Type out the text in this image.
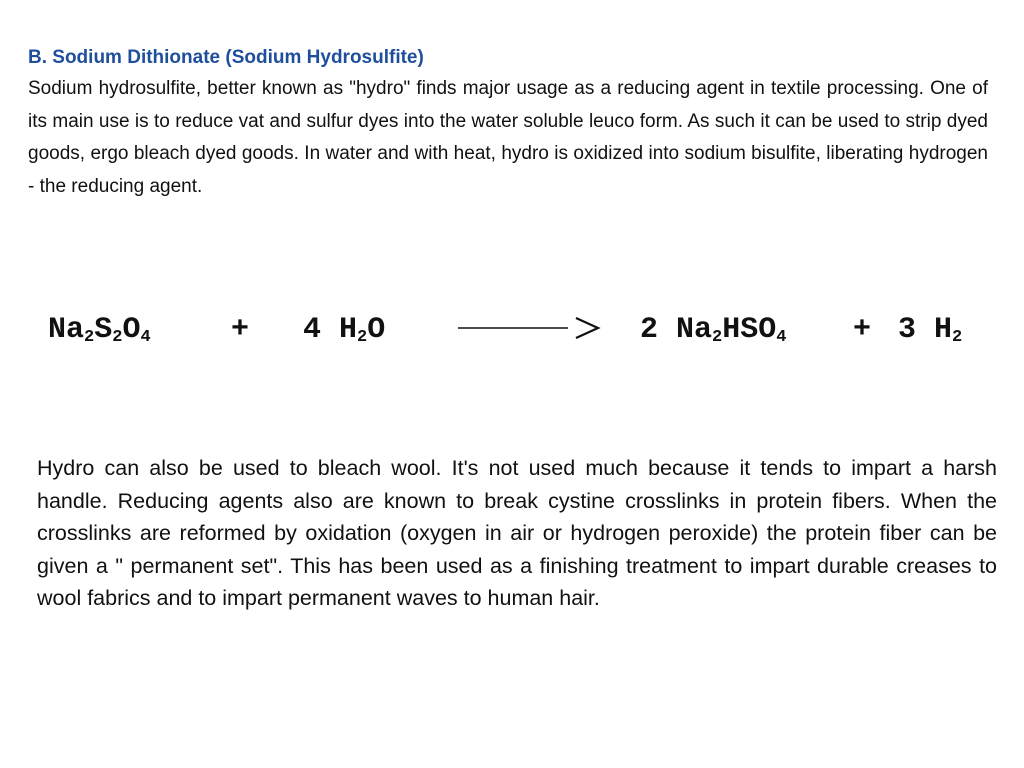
B. Sodium Dithionate (Sodium Hydrosulfite)

Sodium hydrosulfite, better known as "hydro" finds major usage as a reducing agent in textile processing. One of its main use is to reduce vat and sulfur dyes into the water soluble leuco form. As such it can be used to strip dyed goods, ergo bleach dyed goods. In water and with heat, hydro is oxidized into sodium bisulfite, liberating hydrogen - the reducing agent.

$Na_2S_2O_4$	+ 4 $H_2O$	2 $Na_2HSO_4 + 3$ $H_2$

Hydro can also be used to bleach wool. It's not used much because it tends to impart a harsh handle. Reducing agents also are known to break cystine crosslinks in protein fibers. When the crosslinks are reformed by oxidation (oxygen in air or hydrogen peroxide) the protein fiber can be given a " permanent set". This has been used as a finishing treatment to impart durable creases to wool fabrics and to impart permanent waves to human hair.
